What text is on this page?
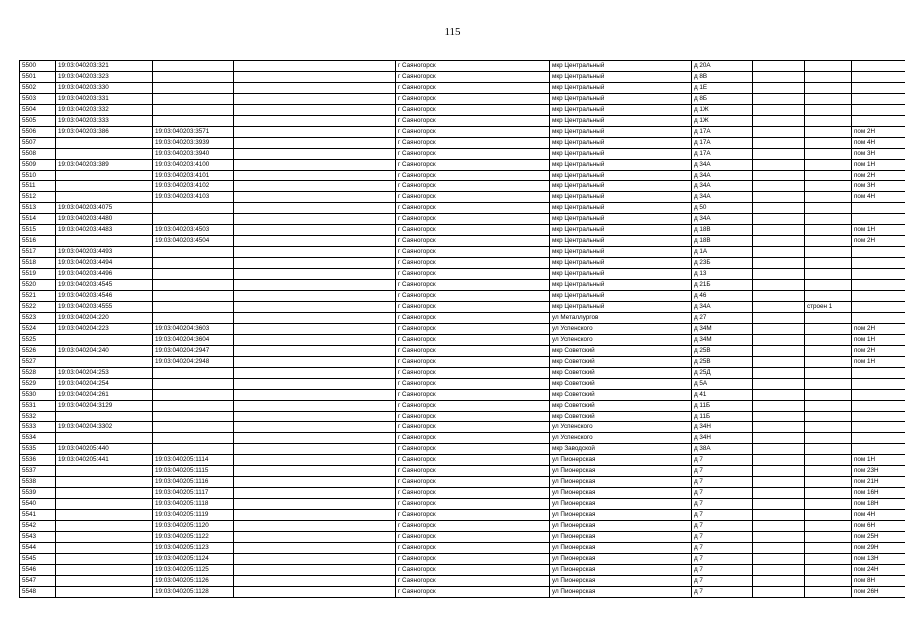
115
5500	19:03:040203:321			г Саяногорск	мкр Центральный	д 20А			
5501	19:03:040203:323			г Саяногорск	мкр Центральный	д 8В			
5502	19:03:040203:330			г Саяногорск	мкр Центральный	д 1Е			
5503	19:03:040203:331			г Саяногорск	мкр Центральный	д 8Б			
5504	19:03:040203:332			г Саяногорск	мкр Центральный	д 1Ж			
5505	19:03:040203:333			г Саяногорск	мкр Центральный	д 1Ж			
5506	19:03:040203:386	19:03:040203:3571		г Саяногорск	мкр Центральный	д 17А			пом 2Н
5507		19:03:040203:3939		г Саяногорск	мкр Центральный	д 17А			пом 4Н
5508		19:03:040203:3940		г Саяногорск	мкр Центральный	д 17А			пом 3Н
5509	19:03:040203:389	19:03:040203:4100		г Саяногорск	мкр Центральный	д 34А			пом 1Н
5510		19:03:040203:4101		г Саяногорск	мкр Центральный	д 34А			пом 2Н
5511		19:03:040203:4102		г Саяногорск	мкр Центральный	д 34А			пом 3Н
5512		19:03:040203:4103		г Саяногорск	мкр Центральный	д 34А			пом 4Н
5513	19:03:040203:4075			г Саяногорск	мкр Центральный	д 50			
5514	19:03:040203:4480			г Саяногорск	мкр Центральный	д 34А			
5515	19:03:040203:4483	19:03:040203:4503		г Саяногорск	мкр Центральный	д 18В			пом 1Н
5516		19:03:040203:4504		г Саяногорск	мкр Центральный	д 18В			пом 2Н
5517	19:03:040203:4493			г Саяногорск	мкр Центральный	д 1А			
5518	19:03:040203:4494			г Саяногорск	мкр Центральный	д 23Б			
5519	19:03:040203:4496			г Саяногорск	мкр Центральный	д 13			
5520	19:03:040203:4545			г Саяногорск	мкр Центральный	д 21Б			
5521	19:03:040203:4546			г Саяногорск	мкр Центральный	д 46			
5522	19:03:040203:4555			г Саяногорск	мкр Центральный	д 34А		строен 1	
5523	19:03:040204:220			г Саяногорск	ул Металлургов	д 27			
5524	19:03:040204:223	19:03:040204:3603		г Саяногорск	ул Успенского	д 34М			пом 2Н
5525		19:03:040204:3604		г Саяногорск	ул Успенского	д 34М			пом 1Н
5526	19:03:040204:240	19:03:040204:2947		г Саяногорск	мкр Советский	д 25В			пом 2Н
5527		19:03:040204:2948		г Саяногорск	мкр Советский	д 25В			пом 1Н
5528	19:03:040204:253			г Саяногорск	мкр Советский	д 25Д			
5529	19:03:040204:254			г Саяногорск	мкр Советский	д 5А			
5530	19:03:040204:261			г Саяногорск	мкр Советский	д 41			
5531	19:03:040204:3129			г Саяногорск	мкр Советский	д 11Б			
5532				г Саяногорск	мкр Советский	д 11Б			
5533	19:03:040204:3302			г Саяногорск	ул Успенского	д 34Н			
5534				г Саяногорск	ул Успенского	д 34Н			
5535	19:03:040205:440			г Саяногорск	мкр Заводской	д 38А			
5536	19:03:040205:441	19:03:040205:1114		г Саяногорск	ул Пионерская	д 7			пом 1Н
5537		19:03:040205:1115		г Саяногорск	ул Пионерская	д 7			пом 23Н
5538		19:03:040205:1116		г Саяногорск	ул Пионерская	д 7			пом 21Н
5539		19:03:040205:1117		г Саяногорск	ул Пионерская	д 7			пом 16Н
5540		19:03:040205:1118		г Саяногорск	ул Пионерская	д 7			пом 18Н
5541		19:03:040205:1119		г Саяногорск	ул Пионерская	д 7			пом 4Н
5542		19:03:040205:1120		г Саяногорск	ул Пионерская	д 7			пом 6Н
5543		19:03:040205:1122		г Саяногорск	ул Пионерская	д 7			пом 25Н
5544		19:03:040205:1123		г Саяногорск	ул Пионерская	д 7			пом 29Н
5545		19:03:040205:1124		г Саяногорск	ул Пионерская	д 7			пом 13Н
5546		19:03:040205:1125		г Саяногорск	ул Пионерская	д 7			пом 24Н
5547		19:03:040205:1126		г Саяногорск	ул Пионерская	д 7			пом 8Н
5548		19:03:040205:1128		г Саяногорск	ул Пионерская	д 7			пом 26Н
